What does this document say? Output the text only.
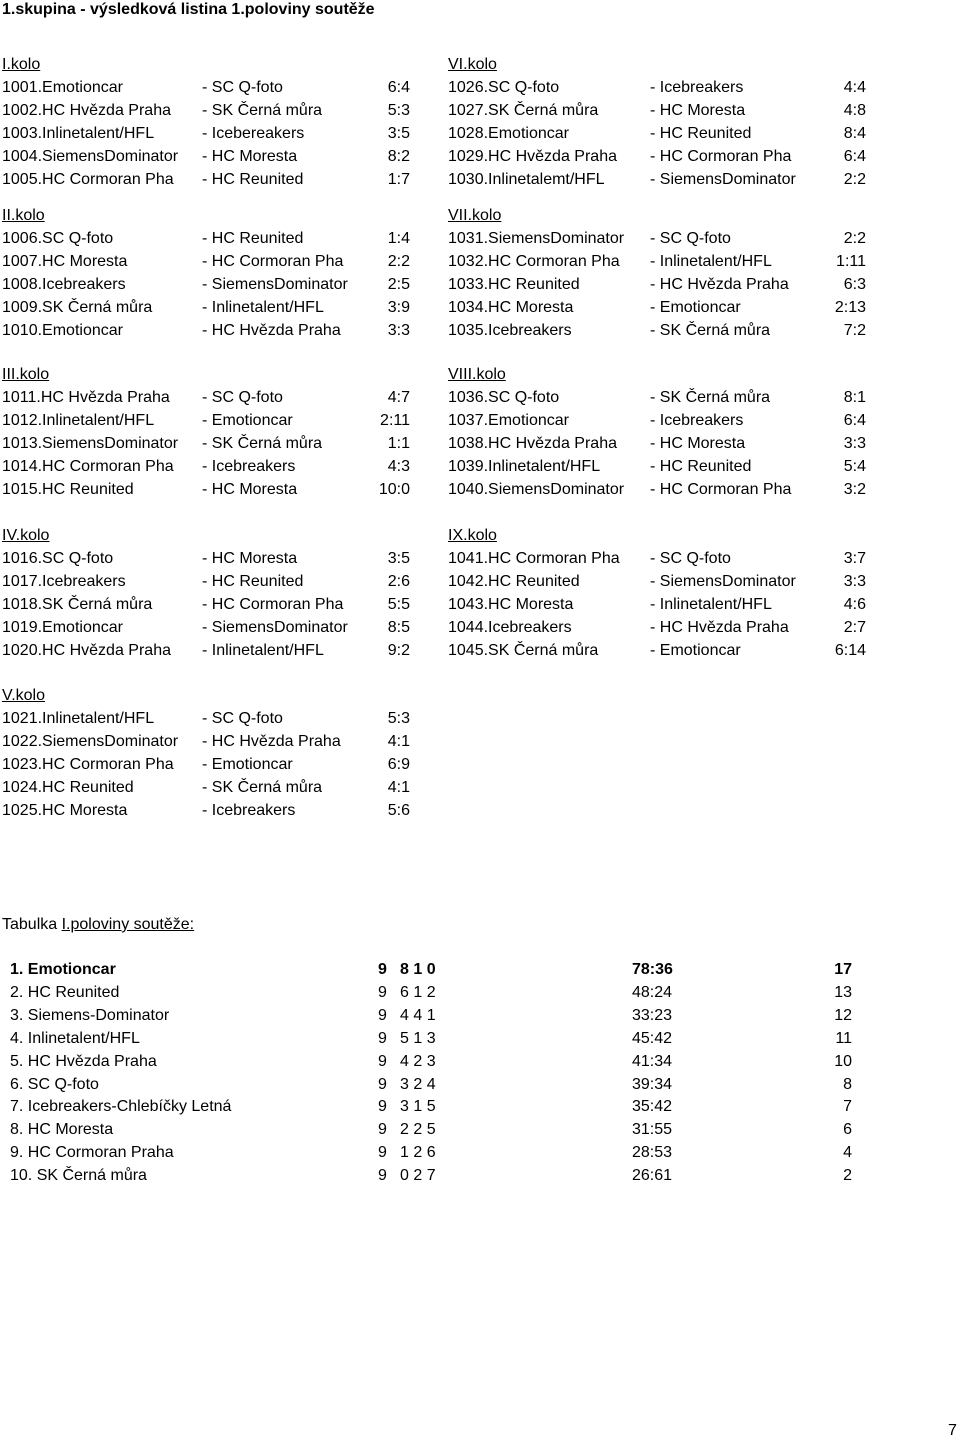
1.skupina - výsledková listina 1.poloviny soutěže
I.kolo
1001.Emotioncar	- SC Q-foto	6:4
1002.HC Hvězda Praha - SK Černá můra	5:3
1003.Inlinetalent/HFL	- Icebereakers	3:5
1004.SiemensDominator - HC Moresta	8:2
1005.HC Cormoran Pha - HC Reunited	1:7
II.kolo
1006.SC Q-foto	- HC Reunited	1:4
1007.HC Moresta	- HC Cormoran Pha	2:2
1008.Icebreakers	- SiemensDominator	2:5
1009.SK Černá můra	- Inlinetalent/HFL	3:9
1010.Emotioncar	- HC Hvězda Praha	3:3
III.kolo
1011.HC Hvězda Praha - SC Q-foto	4:7
1012.Inlinetalent/HFL	- Emotioncar	2:11
1013.SiemensDominator - SK Černá můra	1:1
1014.HC Cormoran Pha - Icebreakers	4:3
1015.HC Reunited	- HC Moresta	10:0
IV.kolo
1016.SC Q-foto	- HC Moresta	3:5
1017.Icebreakers	- HC Reunited	2:6
1018.SK Černá můra	- HC Cormoran Pha	5:5
1019.Emotioncar	- SiemensDominator	8:5
1020.HC Hvězda Praha - Inlinetalent/HFL	9:2
V.kolo
1021.Inlinetalent/HFL	- SC Q-foto	5:3
1022.SiemensDominator - HC Hvězda Praha	4:1
1023.HC Cormoran Pha - Emotioncar	6:9
1024.HC Reunited	- SK Černá můra	4:1
1025.HC Moresta	- Icebreakers	5:6
VI.kolo
1026.SC Q-foto	- Icebreakers	4:4
1027.SK Černá můra	- HC Moresta	4:8
1028.Emotioncar	- HC Reunited	8:4
1029.HC Hvězda Praha - HC Cormoran Pha	6:4
1030.Inlinetalemt/HFL	- SiemensDominator	2:2
VII.kolo
1031.SiemensDominator - SC Q-foto	2:2
1032.HC Cormoran Pha - Inlinetalent/HFL	1:11
1033.HC Reunited	- HC Hvězda Praha	6:3
1034.HC Moresta	- Emotioncar	2:13
1035.Icebreakers	- SK Černá můra	7:2
VIII.kolo
1036.SC Q-foto	- SK Černá můra	8:1
1037.Emotioncar	- Icebreakers	6:4
1038.HC Hvězda Praha - HC Moresta	3:3
1039.Inlinetalent/HFL	- HC Reunited	5:4
1040.SiemensDominator - HC Cormoran Pha	3:2
IX.kolo
1041.HC Cormoran Pha - SC Q-foto	3:7
1042.HC Reunited	- SiemensDominator	3:3
1043.HC Moresta	- Inlinetalent/HFL	4:6
1044.Icebreakers	- HC Hvězda Praha	2:7
1045.SK Černá můra	- Emotioncar	6:14
Tabulka I.poloviny soutěže:
1. Emotioncar	9 8 1 0	78:36	17
2. HC Reunited	9 6 1 2	48:24	13
3. Siemens-Dominator	9 4 4 1	33:23	12
4. Inlinetalent/HFL	9 5 1 3	45:42	11
5. HC Hvězda Praha	9 4 2 3	41:34	10
6. SC Q-foto	9 3 2 4	39:34	8
7. Icebreakers-Chlebíčky Letná	9 3 1 5	35:42	7
8. HC Moresta	9 2 2 5	31:55	6
9. HC Cormoran Praha	9 1 2 6	28:53	4
10. SK Černá můra	9 0 2 7	26:61	2
7
